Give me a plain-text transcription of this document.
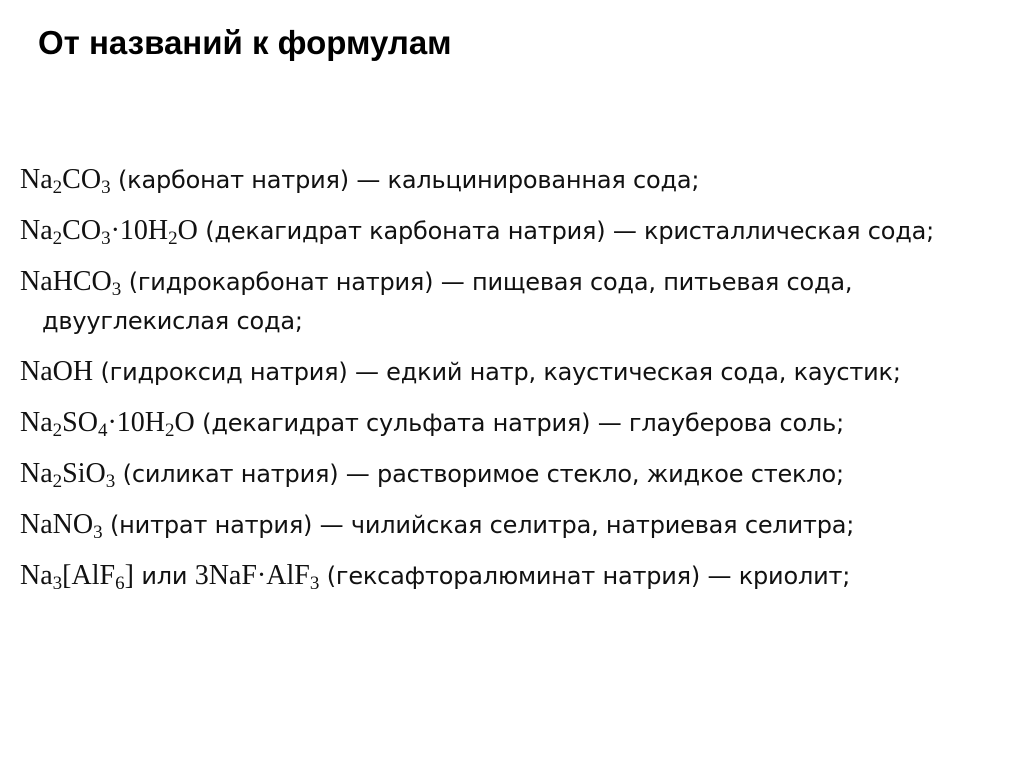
От названий к формулам
$Na_2CO_3$ (карбонат натрия) — кальцинированная сода;
$Na_2CO_3\cdot 10H_2O$ (декагидрат карбоната натрия) — кристаллическая сода;
NaHCO$_3$ (гидрокарбонат натрия) — пищевая сода, питьевая сода, двууглекислая сода;
NaOH (гидроксид натрия) — едкий натр, каустическая сода, каустик;
$Na_2SO_4\cdot 10H_2O$ (декагидрат сульфата натрия) — глауберова соль;
$Na_2SiO_3$ (силикат натрия) — растворимое стекло, жидкое стекло;
NaNO$_3$ (нитрат натрия) — чилийская селитра, натриевая селитра;
$Na_3[AlF_6]$ или 3NaF·AlF$_3$ (гексафторалюминат натрия) — криолит;
